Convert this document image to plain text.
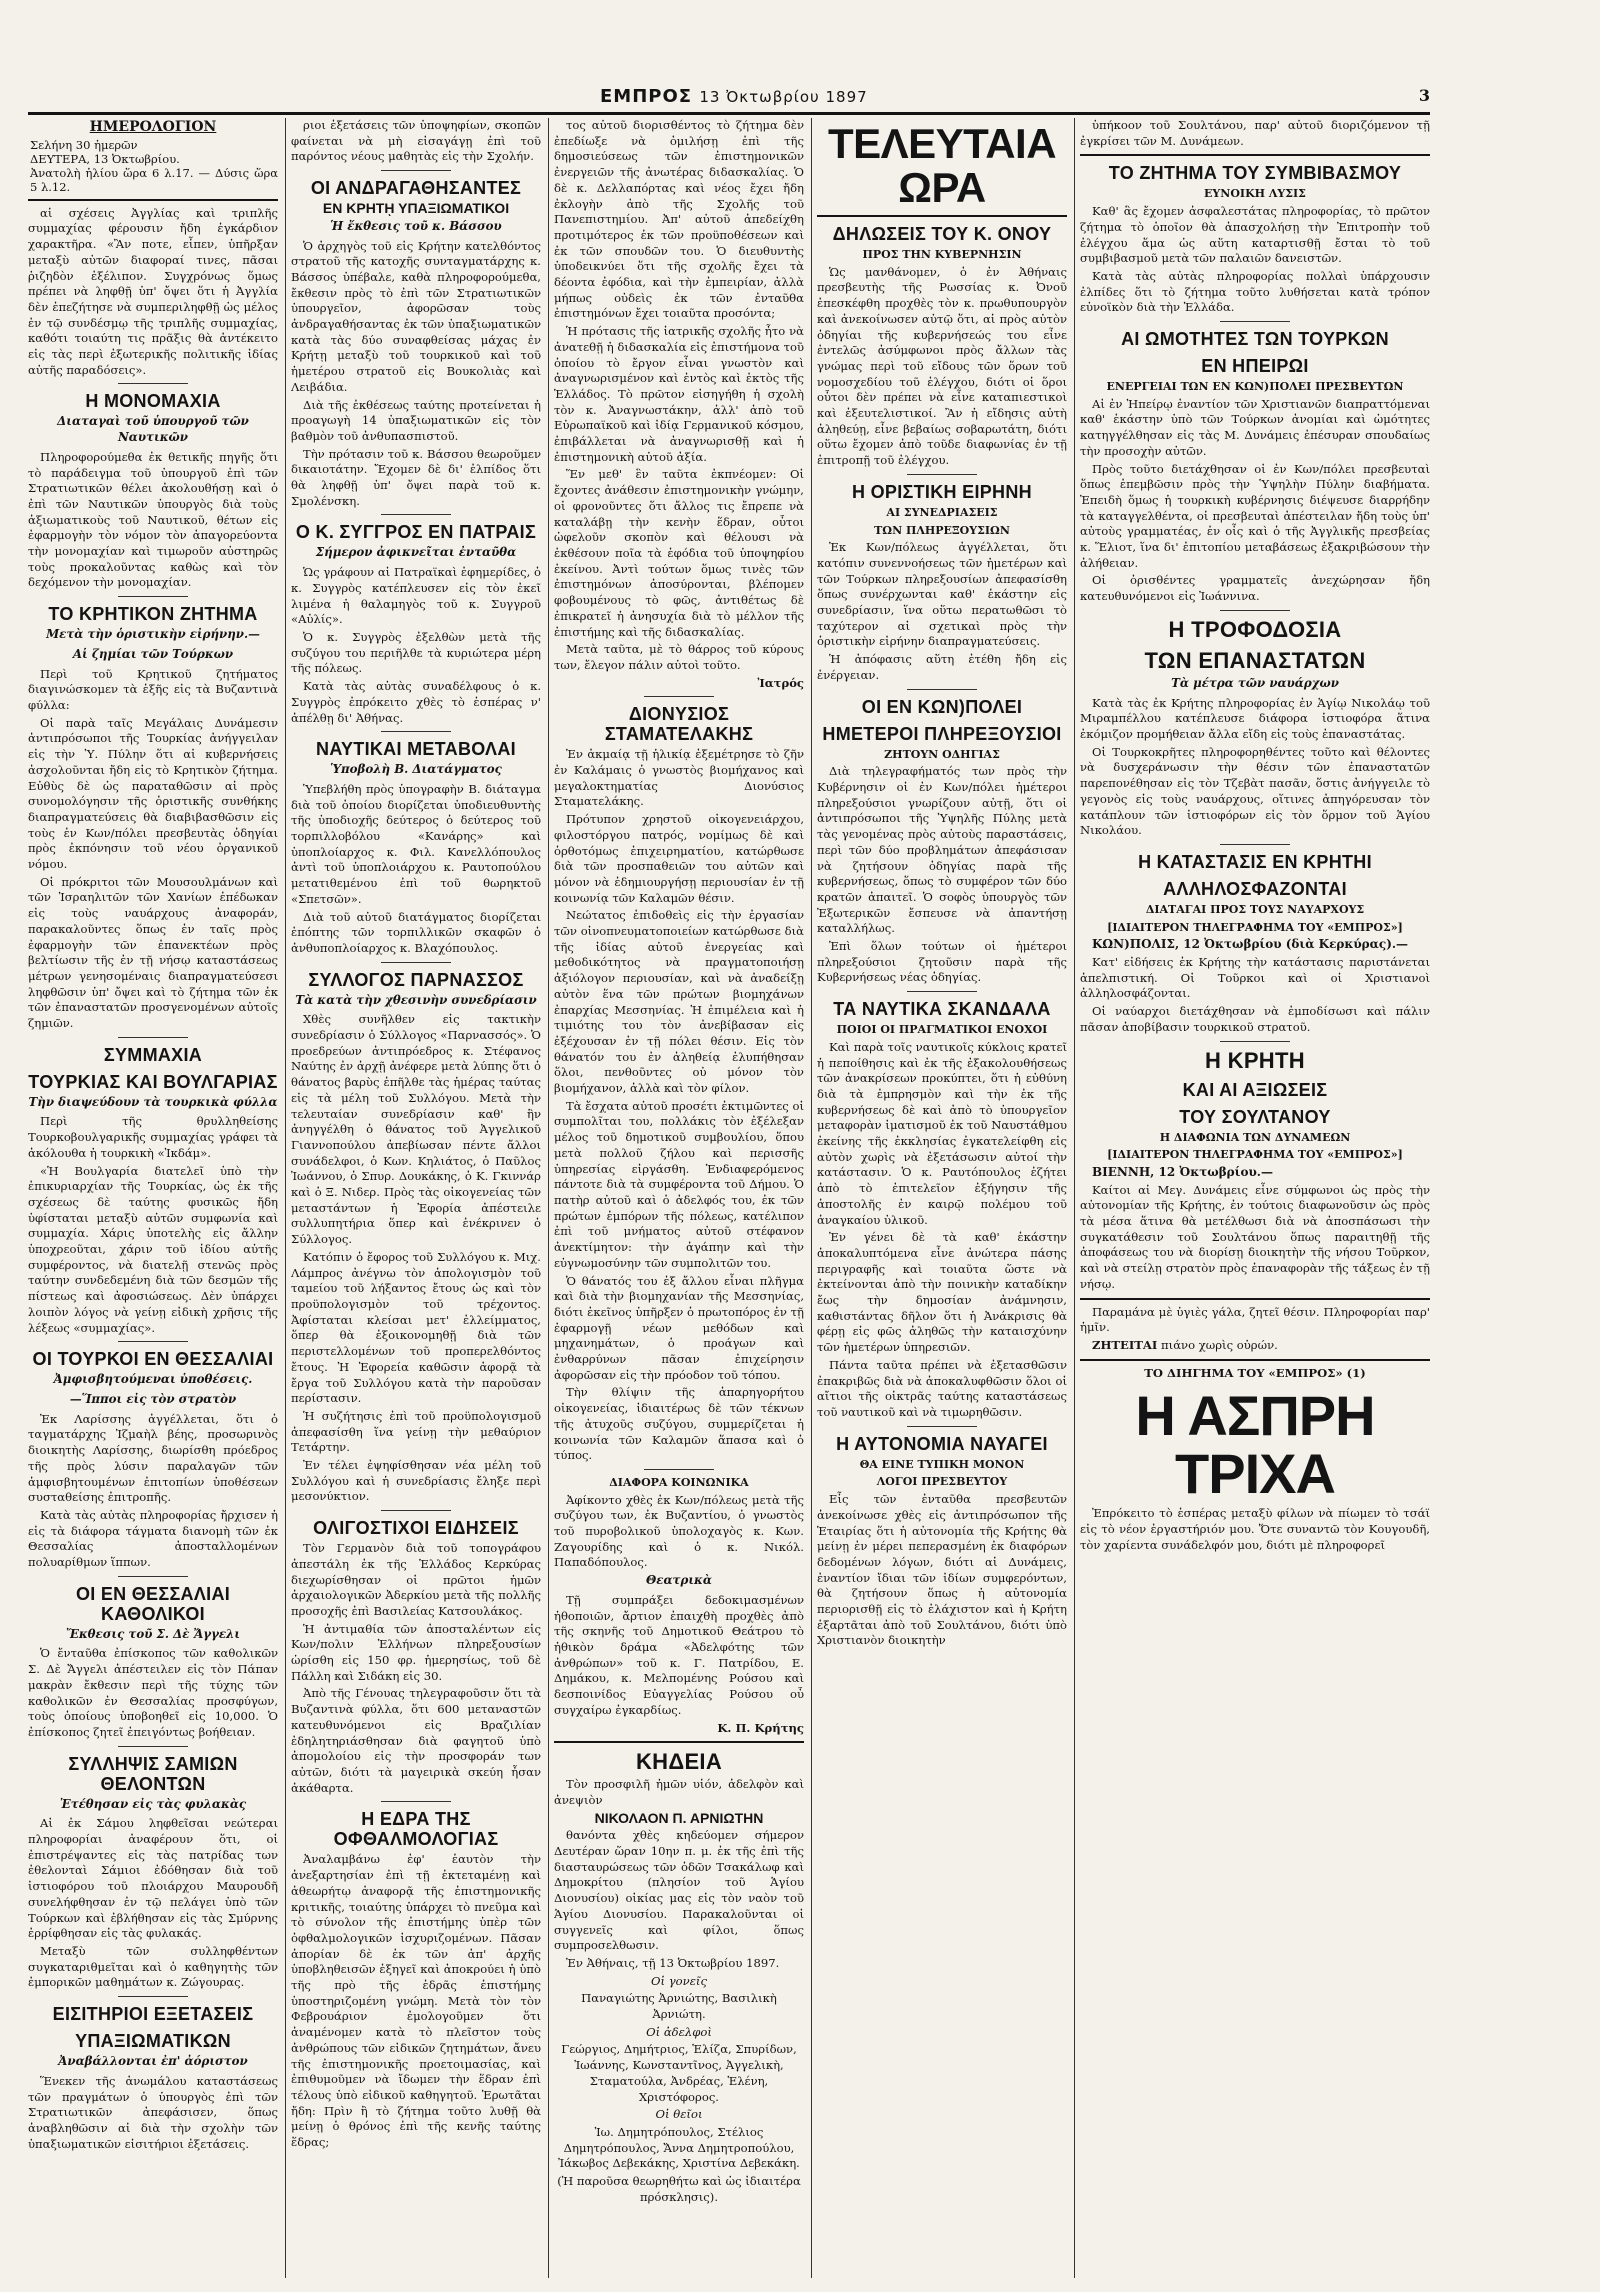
ΕΜΠΡΟΣ 13 Ὀκτωβρίου 1897	3
ΗΜΕΡΟΛΟΓΙΟΝ
Σελήνη 30 ἡμερῶν
ΔΕΥΤΕΡΑ, 13 Ὀκτωβρίου.
Ἀνατολὴ ἡλίου ὥρα 6 λ.17. — Δύσις ὥρα 5 λ.12.

αἱ σχέσεις Ἀγγλίας καὶ τριπλῆς συμμαχίας φέρουσιν ἤδη ἐγκάρδιον χαρακτῆρα. «Ἂν ποτε, εἶπεν, ὑπῆρξαν μεταξὺ αὐτῶν διαφοραί τινες, πᾶσαι ῥιζηδὸν ἐξέλιπον. Συγχρόνως ὅμως πρέπει νὰ ληφθῇ ὑπ' ὄψει ὅτι ἡ Ἀγγλία δὲν ἐπεζήτησε νὰ συμπεριληφθῇ ὡς μέλος ἐν τῷ συνδέσμῳ τῆς τριπλῆς συμμαχίας, καθότι τοιαύτη τις πρᾶξις θὰ ἀντέκειτο εἰς τὰς περὶ ἐξωτερικῆς πολιτικῆς ἰδίας αὐτῆς παραδόσεις».

Η ΜΟΝΟΜΑΧΙΑ
Διαταγαὶ τοῦ ὑπουργοῦ τῶν Ναυτικῶν

Πληροφορούμεθα ἐκ θετικῆς πηγῆς ὅτι τὸ παράδειγμα τοῦ ὑπουργοῦ ἐπὶ τῶν Στρατιωτικῶν θέλει ἀκολουθήσῃ καὶ ὁ ἐπὶ τῶν Ναυτικῶν ὑπουργὸς διὰ τοὺς ἀξιωματικοὺς τοῦ Ναυτικοῦ, θέτων εἰς ἐφαρμογὴν τὸν νόμον τὸν ἀπαγορεύοντα τὴν μονομαχίαν καὶ τιμωροῦν αὐστηρῶς τοὺς προκαλοῦντας καθὼς καὶ τὸν δεχόμενον τὴν μονομαχίαν.

ΤΟ ΚΡΗΤΙΚΟΝ ΖΗΤΗΜΑ
Μετὰ τὴν ὁριστικὴν εἰρήνην.—
Αἱ ζημίαι τῶν Τούρκων

Περὶ τοῦ Κρητικοῦ ζητήματος διαγινώσκομεν τὰ ἑξῆς εἰς τὰ Βυζαντινὰ φύλλα:

Οἱ παρὰ ταῖς Μεγάλαις Δυνάμεσιν ἀντιπρόσωποι τῆς Τουρκίας ἀνήγγειλαν εἰς τὴν Ὑ. Πύλην ὅτι αἱ κυβερνήσεις ἀσχολοῦνται ἤδη εἰς τὸ Κρητικὸν ζήτημα. Εὐθὺς δὲ ὡς παραταθῶσιν αἱ πρὸς συνομολόγησιν τῆς ὁριστικῆς συνθήκης διαπραγματεύσεις θὰ διαβιβασθῶσιν εἰς τοὺς ἐν Κων/πόλει πρεσβευτὰς ὁδηγίαι πρὸς ἐκπόνησιν τοῦ νέου ὀργανικοῦ νόμου.

Οἱ πρόκριτοι τῶν Μουσουλμάνων καὶ τῶν Ἰσραηλιτῶν τῶν Χανίων ἐπέδωκαν εἰς τοὺς ναυάρχους ἀναφοράν, παρακαλοῦντες ὅπως ἐν ταῖς πρὸς ἐφαρμογὴν τῶν ἐπανεκτέων πρὸς βελτίωσιν τῆς ἐν τῇ νήσῳ καταστάσεως μέτρων γενησομέναις διαπραγματεύσεσι ληφθῶσιν ὑπ' ὄψει καὶ τὸ ζήτημα τῶν ἐκ τῶν ἐπαναστατῶν προσγενομένων αὐτοῖς ζημιῶν.

ΣΥΜΜΑΧΙΑ
ΤΟΥΡΚΙΑΣ ΚΑΙ ΒΟΥΛΓΑΡΙΑΣ
Τὴν διαψεύδουν τὰ τουρκικὰ φύλλα

Περὶ τῆς θρυλληθείσης Τουρκοβουλγαρικῆς συμμαχίας γράφει τὰ ἀκόλουθα ἡ τουρκικὴ «Ἰκδάμ».

«Ἡ Βουλγαρία διατελεῖ ὑπὸ τὴν ἐπικυριαρχίαν τῆς Τουρκίας, ὡς ἐκ τῆς σχέσεως δὲ ταύτης φυσικῶς ἤδη ὑφίσταται μεταξὺ αὐτῶν συμφωνία καὶ συμμαχία. Χάρις ὑποτελὴς εἰς ἄλλην ὑποχρεοῦται, χάριν τοῦ ἰδίου αὐτῆς συμφέροντος, νὰ διατελῇ στενῶς πρὸς ταύτην συνδεδεμένη διὰ τῶν δεσμῶν τῆς πίστεως καὶ ἀφοσιώσεως. Δὲν ὑπάρχει λοιπὸν λόγος νὰ γείνῃ εἰδικὴ χρῆσις τῆς λέξεως «συμμαχίας».

ΟΙ ΤΟΥΡΚΟΙ ΕΝ ΘΕΣΣΑΛΙΑΙ
Ἀμφισβητούμεναι ὑποθέσεις.
—Ἵπποι εἰς τὸν στρατὸν

Ἐκ Λαρίσσης ἀγγέλλεται, ὅτι ὁ ταγματάρχης Ἰζμαὴλ βέης, προσωρινὸς διοικητὴς Λαρίσσης, διωρίσθη πρόεδρος τῆς πρὸς λύσιν παραλαγῶν τῶν ἀμφισβητουμένων ἐπιτοπίων ὑποθέσεων συσταθείσης ἐπιτροπῆς.

Κατὰ τὰς αὐτὰς πληροφορίας ἤρχισεν ἡ εἰς τὰ διάφορα τάγματα διανομὴ τῶν ἐκ Θεσσαλίας ἀποσταλλομένων πολυαρίθμων ἵππων.

ΟΙ ΕΝ ΘΕΣΣΑΛΙΑΙ ΚΑΘΟΛΙΚΟΙ
Ἔκθεσις τοῦ Σ. Δὲ Ἄγγελι

Ὁ ἔνταῦθα ἐπίσκοπος τῶν καθολικῶν Σ. Δὲ Ἄγγελι ἀπέστειλεν εἰς τὸν Πάπαν μακρὰν ἔκθεσιν περὶ τῆς τύχης τῶν καθολικῶν ἐν Θεσσαλίας προσφύγων, τοὺς ὁποίους ὑποβοηθεῖ εἰς 10,000. Ὁ ἐπίσκοπος ζητεῖ ἐπειγόντως βοήθειαν.

ΣΥΛΛΗΨΙΣ ΣΑΜΙΩΝ ΘΕΛΟΝΤΩΝ
Ἐτέθησαν εἰς τὰς φυλακὰς

Αἱ ἐκ Σάμου ληφθεῖσαι νεώτεραι πληροφορίαι ἀναφέρουν ὅτι, οἱ ἐπιστρέψαντες εἰς τὰς πατρίδας των ἐθελονταὶ Σάμιοι ἐδόθησαν διὰ τοῦ ἰστιοφόρου τοῦ πλοιάρχου Μαυρουδῆ συνελήφθησαν ἐν τῷ πελάγει ὑπὸ τῶν Τούρκων καὶ ἐβλήθησαν εἰς τὰς Σμύρνης ἐρρίφθησαν εἰς τὰς φυλακάς.

Μεταξὺ τῶν συλληφθέντων συγκαταριθμεῖται καὶ ὁ καθηγητὴς τῶν ἐμπορικῶν μαθημάτων κ. Ζώγουρας.

ΕΙΣΙΤΗΡΙΟΙ ΕΞΕΤΑΣΕΙΣ
ΥΠΑΞΙΩΜΑΤΙΚΩΝ
Ἀναβάλλονται ἐπ' ἀόριστον

Ἕνεκεν τῆς ἀνωμάλου καταστάσεως τῶν πραγμάτων ὁ ὑπουργὸς ἐπὶ τῶν Στρατιωτικῶν ἀπεφάσισεν, ὅπως ἀναβληθῶσιν αἱ διὰ τὴν σχολὴν τῶν ὑπαξιωματικῶν εἰσιτήριοι ἐξετάσεις.

ριοι ἐξετάσεις τῶν ὑποψηφίων, σκοπῶν φαίνεται νὰ μὴ εἰσαγάγῃ ἐπὶ τοῦ παρόντος νέους μαθητὰς εἰς τὴν Σχολήν.

ΟΙ ΑΝΔΡΑΓΑΘΗΣΑΝΤΕΣ
ΕΝ ΚΡΗΤῌ ΥΠΑΞΙΩΜΑΤΙΚΟΙ
Ἡ ἔκθεσις τοῦ κ. Βάσσου

Ὁ ἀρχηγὸς τοῦ εἰς Κρήτην κατελθόντος στρατοῦ τῆς κατοχῆς συνταγματάρχης κ. Βάσσος ὑπέβαλε, καθὰ πληροφορούμεθα, ἔκθεσιν πρὸς τὸ ἐπὶ τῶν Στρατιωτικῶν ὑπουργεῖον, ἀφορῶσαν τοὺς ἀνδραγαθήσαντας ἐκ τῶν ὑπαξιωματικῶν κατὰ τὰς δύο συναφθείσας μάχας ἐν Κρήτῃ μεταξὺ τοῦ τουρκικοῦ καὶ τοῦ ἡμετέρου στρατοῦ εἰς Βουκολιὰς καὶ Λειβάδια.

Διὰ τῆς ἐκθέσεως ταύτης προτείνεται ἡ προαγωγὴ 14 ὑπαξιωματικῶν εἰς τὸν βαθμὸν τοῦ ἀνθυπασπιστοῦ.

Τὴν πρότασιν τοῦ κ. Βάσσου θεωροῦμεν δικαιοτάτην. Ἔχομεν δὲ δι' ἐλπίδος ὅτι θὰ ληφθῇ ὑπ' ὄψει παρὰ τοῦ κ. Σμολένσκη.

Ο Κ. ΣΥΓΓΡΟΣ ΕΝ ΠΑΤΡΑΙΣ
Σήμερον ἀφικνεῖται ἐνταῦθα

Ὡς γράφουν αἱ Πατραϊκαὶ ἐφημερίδες, ὁ κ. Συγγρὸς κατέπλευσεν εἰς τὸν ἐκεῖ λιμένα ἡ θαλαμηγὸς τοῦ κ. Συγγροῦ «Αὐλίς».

Ὁ κ. Συγγρὸς ἐξελθὼν μετὰ τῆς συζύγου του περιῆλθε τὰ κυριώτερα μέρη τῆς πόλεως.

Κατὰ τὰς αὐτὰς συναδέλφους ὁ κ. Συγγρὸς ἐπρόκειτο χθὲς τὸ ἑσπέρας ν' ἀπέλθῃ δι' Ἀθήνας.

ΝΑΥΤΙΚΑΙ ΜΕΤΑΒΟΛΑΙ
Ὑποβολὴ Β. Διατάγματος

Ὑπεβλήθη πρὸς ὑπογραφὴν Β. διάταγμα διὰ τοῦ ὁποίου διορίζεται ὑποδιευθυντὴς τῆς ὑποδιοχῆς δεύτερος ὁ δεύτερος τοῦ τορπιλλοβόλου «Κανάρης» καὶ ὑποπλοίαρχος κ. Φιλ. Κανελλόπουλος ἀντὶ τοῦ ὑποπλοιάρχου κ. Ραυτοπούλου μετατιθεμένου ἐπὶ τοῦ θωρηκτοῦ «Σπετσῶν».

Διὰ τοῦ αὐτοῦ διατάγματος διορίζεται ἐπόπτης τῶν τορπιλλικῶν σκαφῶν ὁ ἀνθυποπλοίαρχος κ. Βλαχόπουλος.

ΣΥΛΛΟΓΟΣ ΠΑΡΝΑΣΣΟΣ
Τὰ κατὰ τὴν χθεσινὴν συνεδρίασιν

Χθὲς συνῆλθεν εἰς τακτικὴν συνεδρίασιν ὁ Σύλλογος «Παρνασσός». Ὁ προεδρεύων ἀντιπρόεδρος κ. Στέφανος Ναύτης ἐν ἀρχῇ ἀνέφερε μετὰ λύπης ὅτι ὁ θάνατος βαρὺς ἐπῆλθε τὰς ἡμέρας ταύτας εἰς τὰ μέλη τοῦ Συλλόγου. Μετὰ τὴν τελευταίαν συνεδρίασιν καθ' ἣν ἀνηγγέλθη ὁ θάνατος τοῦ Ἀγγελικοῦ Γιαννοπούλου ἀπεβίωσαν πέντε ἄλλοι συνάδελφοι, ὁ Κων. Κηλιάτος, ὁ Παῦλος Ἰωάννου, ὁ Σπυρ. Δουκάκης, ὁ Κ. Γκιννάρ καὶ ὁ Ξ. Νιδερ. Πρὸς τὰς οἰκογενείας τῶν μεταστάντων ἡ Ἐφορία ἀπέστειλε συλλυπητήρια ὅπερ καὶ ἐνέκρινεν ὁ Σύλλογος.

Κατόπιν ὁ ἔφορος τοῦ Συλλόγου κ. Μιχ. Λάμπρος ἀνέγνω τὸν ἀπολογισμὸν τοῦ ταμείου τοῦ λήξαντος ἔτους ὡς καὶ τὸν προϋπολογισμὸν τοῦ τρέχοντος. Ἀφίσταται κλείσαι μετ' ἐλλείμματος, ὅπερ θὰ ἐξοικονομηθῇ διὰ τῶν περιστελλομένων τοῦ προπερελθόντος ἔτους. Ἡ Ἐφορεία καθῶσιν ἀφορᾷ τὰ ἔργα τοῦ Συλλόγου κατὰ τὴν παροῦσαν περίστασιν.

Ἡ συζήτησις ἐπὶ τοῦ προϋπολογισμοῦ ἀπεφασίσθη ἵνα γείνῃ τὴν μεθαύριον Τετάρτην.

Ἐν τέλει ἐψηφίσθησαν νέα μέλη τοῦ Συλλόγου καὶ ἡ συνεδρίασις ἔληξε περὶ μεσονύκτιον.

ΟΛΙΓΟΣΤΙΧΟΙ ΕΙΔΗΣΕΙΣ

Τὸν Γερμανὸν διὰ τοῦ τοπογράφου ἀπεστάλη ἐκ τῆς Ἑλλάδος Κερκύρας διεχωρίσθησαν οἱ πρῶτοι ἡμῶν ἀρχαιολογικῶν Ἀδερκίου μετὰ τῆς πολλῆς προσοχῆς ἐπὶ Βασιλείας Κατσουλάκος.

Ἡ ἀντιμαθία τῶν ἀποσταλέντων εἰς Κων/πολιν Ἑλλήνων πληρεξουσίων ὡρίσθη εἰς 150 φρ. ἡμερησίως, τοῦ δὲ Πάλλη καὶ Σιδάκη εἰς 30.

Ἀπὸ τῆς Γένουας τηλεγραφοῦσιν ὅτι τὰ Βυζαντινὰ φύλλα, ὅτι 600 μεταναστῶν κατευθυνόμενοι εἰς Βραζιλίαν ἐδηλητηριάσθησαν διὰ φαγητοῦ ὑπὸ ἀπομολοίου εἰς τὴν προσφοράν των αὐτῶν, διότι τὰ μαγειρικὰ σκεύη ἦσαν ἀκάθαρτα.

Η ΕΔΡΑ ΤΗΣ ΟΦΘΑΛΜΟΛΟΓΙΑΣ

Ἀναλαμβάνω ἐφ' ἑαυτὸν τὴν ἀνεξαρτησίαν ἐπὶ τῇ ἐκτεταμένῃ καὶ ἀθεωρήτῳ ἀναφορᾷ τῆς ἐπιστημονικῆς κριτικῆς, τοιαύτης ὑπάρχει τὸ πνεῦμα καὶ τὸ σύνολον τῆς ἐπιστήμης ὑπὲρ τῶν ὀφθαλμολογικῶν ἰσχυριζομένων. Πᾶσαν ἀπορίαν δὲ ἐκ τῶν ἀπ' ἀρχῆς ὑποβληθεισῶν ἐξηγεῖ καὶ ἀποκρούει ἡ ὑπὸ τῆς πρὸ τῆς ἑδρᾶς ἐπιστήμης ὑποστηριζομένη γνώμη. Μετὰ τὸν τὸν Φεβρουάριον ἐμολογοῦμεν ὅτι ἀναμένομεν κατὰ τὸ πλεῖστον τοὺς ἀνθρώπους τῶν εἰδικῶν ζητημάτων, ἄνευ τῆς ἐπιστημονικῆς προετοιμασίας, καὶ ἐπιθυμοῦμεν νὰ ἴδωμεν τὴν ἕδραν ἐπὶ τέλους ὑπὸ εἰδικοῦ καθηγητοῦ. Ἐρωτᾶται ἤδη: Πρὶν ἢ τὸ ζήτημα τοῦτο λυθῇ θὰ μείνῃ ὁ θρόνος ἐπὶ τῆς κενῆς ταύτης ἕδρας;

τος αὐτοῦ διορισθέντος τὸ ζήτημα δὲν ἐπεδίωξε νὰ ὁμιλήσῃ ἐπὶ τῆς δημοσιεύσεως τῶν ἐπιστημονικῶν ἐνεργειῶν τῆς ἀνωτέρας διδασκαλίας. Ὁ δὲ κ. Δελλαπόρτας καὶ νέος ἔχει ἤδη ἐκλογὴν ἀπὸ τῆς Σχολῆς τοῦ Πανεπιστημίου. Ἀπ' αὐτοῦ ἀπεδείχθη προτιμότερος ἐκ τῶν προϋποθέσεων καὶ ἐκ τῶν σπουδῶν του. Ὁ διευθυντὴς ὑποδεικνύει ὅτι τῆς σχολῆς ἔχει τὰ δέοντα ἐφόδια, καὶ τὴν ἐμπειρίαν, ἀλλὰ μήπως οὐδεὶς ἐκ τῶν ἐνταῦθα ἐπιστημόνων ἔχει τοιαῦτα προσόντα;

Ἡ πρότασις τῆς ἰατρικῆς σχολῆς ἦτο νὰ ἀνατεθῇ ἡ διδασκαλία εἰς ἐπιστήμονα τοῦ ὁποίου τὸ ἔργον εἶναι γνωστὸν καὶ ἀναγνωρισμένον καὶ ἐντὸς καὶ ἐκτὸς τῆς Ἑλλάδος. Τὸ πρῶτον εἰσηγήθη ἡ σχολὴ τὸν κ. Ἀναγνωστάκην, ἀλλ' ἀπὸ τοῦ Εὐρωπαϊκοῦ καὶ ἰδίᾳ Γερμανικοῦ κόσμου, ἐπιβάλλεται νὰ ἀναγνωρισθῇ καὶ ἡ ἐπιστημονικὴ αὐτοῦ ἀξία.

Ἕν μεθ' ἓν ταῦτα ἐκπνέομεν: Οἱ ἔχοντες ἀνάθεσιν ἐπιστημονικὴν γνώμην, οἱ φρονοῦντες ὅτι ἄλλος τις ἔπρεπε νὰ καταλάβῃ τὴν κενὴν ἕδραν, οὗτοι ὠφελοῦν σκοπὸν καὶ θέλουσι νὰ ἐκθέσουν ποῖα τὰ ἐφόδια τοῦ ὑποψηφίου ἐκείνου. Ἀντὶ τούτων ὅμως τινὲς τῶν ἐπιστημόνων ἀποσύρονται, βλέπομεν φοβουμένους τὸ φῶς, ἀντιθέτως δὲ ἐπικρατεῖ ἡ ἀνησυχία διὰ τὸ μέλλον τῆς ἐπιστήμης καὶ τῆς διδασκαλίας.

Μετὰ ταῦτα, μὲ τὸ θάρρος τοῦ κύρους των, ἔλεγον πάλιν αὐτοὶ τοῦτο.

Ἰατρός

ΔΙΟΝΥΣΙΟΣ ΣΤΑΜΑΤΕΛΑΚΗΣ

Ἐν ἀκμαίᾳ τῇ ἡλικίᾳ ἐξεμέτρησε τὸ ζῆν ἐν Καλάμαις ὁ γνωστὸς βιομήχανος καὶ μεγαλοκτηματίας Διονύσιος Σταματελάκης.

Πρότυπον χρηστοῦ οἰκογενειάρχου, φιλοστόργου πατρός, νομίμως δὲ καὶ ὀρθοτόμως ἐπιχειρηματίου, κατώρθωσε διὰ τῶν προσπαθειῶν του αὐτῶν καὶ μόνον νὰ ἐδημιουργήσῃ περιουσίαν ἐν τῇ κοινωνίᾳ τῶν Καλαμῶν θέσιν.

Νεώτατος ἐπιδοθεὶς εἰς τὴν ἐργασίαν τῶν οἰνοπνευματοποιείων κατώρθωσε διὰ τῆς ἰδίας αὐτοῦ ἐνεργείας καὶ μεθοδικότητος νὰ πραγματοποιήσῃ ἀξιόλογον περιουσίαν, καὶ νὰ ἀναδείξῃ αὐτὸν ἕνα τῶν πρώτων βιομηχάνων ἐπαρχίας Μεσσηνίας. Ἡ ἐπιμέλεια καὶ ἡ τιμιότης του τὸν ἀνεβίβασαν εἰς ἐξέχουσαν ἐν τῇ πόλει θέσιν. Εἰς τὸν θάνατόν του ἐν ἀληθείᾳ ἐλυπήθησαν ὅλοι, πενθοῦντες οὐ μόνον τὸν βιομήχανον, ἀλλὰ καὶ τὸν φίλον.

Τὰ ἔσχατα αὐτοῦ προσέτι ἐκτιμῶντες οἱ συμπολῖται του, πολλάκις τὸν ἐξέλεξαν μέλος τοῦ δημοτικοῦ συμβουλίου, ὅπου μετὰ πολλοῦ ζήλου καὶ περισσῆς ὑπηρεσίας εἰργάσθη. Ἐνδιαφερόμενος πάντοτε διὰ τὰ συμφέροντα τοῦ Δήμου. Ὁ πατὴρ αὐτοῦ καὶ ὁ ἀδελφός του, ἐκ τῶν πρώτων ἐμπόρων τῆς πόλεως, κατέλιπον ἐπὶ τοῦ μνήματος αὐτοῦ στέφανον ἀνεκτίμητον: τὴν ἀγάπην καὶ τὴν εὐγνωμοσύνην τῶν συμπολιτῶν του.

Ὁ θάνατός του ἐξ ἄλλου εἶναι πλῆγμα καὶ διὰ τὴν βιομηχανίαν τῆς Μεσσηνίας, διότι ἐκεῖνος ὑπῆρξεν ὁ πρωτοπόρος ἐν τῇ ἐφαρμογῇ νέων μεθόδων καὶ μηχανημάτων, ὁ προάγων καὶ ἐνθαρρύνων πᾶσαν ἐπιχείρησιν ἀφορῶσαν εἰς τὴν πρόοδον τοῦ τόπου.

Τὴν θλίψιν τῆς ἀπαρηγορήτου οἰκογενείας, ἰδιαιτέρως δὲ τῶν τέκνων τῆς ἀτυχοῦς συζύγου, συμμερίζεται ἡ κοινωνία τῶν Καλαμῶν ἅπασα καὶ ὁ τύπος.

ΔΙΑΦΟΡΑ ΚΟΙΝΩΝΙΚΑ

Ἀφίκοντο χθὲς ἐκ Κων/πόλεως μετὰ τῆς συζύγου των, ἐκ Βυζαντίου, ὁ γνωστὸς τοῦ πυροβολικοῦ ὑπολοχαγὸς κ. Κων. Ζαγουρίδης καὶ ὁ κ. Νικόλ. Παπαδόπουλος.

Θεατρικὰ

Τῇ συμπράξει δεδοκιμασμένων ἠθοποιῶν, ἄρτιον ἐπαιχθὴ προχθὲς ἀπὸ τῆς σκηνῆς τοῦ Δημοτικοῦ Θεάτρου τὸ ἠθικὸν δράμα «Ἀδελφότης τῶν ἀνθρώπων» τοῦ κ. Γ. Πατρίδου, Ε. Δημάκου, κ. Μελπομένης Ρούσου καὶ δεσποινίδος Εὐαγγελίας Ρούσου οὗ συγχαίρω ἐγκαρδίως.

Κ. Π. Κρήτης

ΚΗΔΕΙΑ

Τὸν προσφιλῆ ἡμῶν υἱόν, ἀδελφὸν καὶ ἀνεψιὸν

ΝΙΚΟΛΑΟΝ Π. ΑΡΝΙΩΤΗΝ

θανόντα χθὲς κηδεύομεν σήμερον Δευτέραν ὥραν 10ην π. μ. ἐκ τῆς ἐπὶ τῆς διασταυρώσεως τῶν ὁδῶν Τσακάλωφ καὶ Δημοκρίτου (πλησίον τοῦ Ἁγίου Διονυσίου) οἰκίας μας εἰς τὸν ναὸν τοῦ Ἁγίου Διονυσίου. Παρακαλοῦνται οἱ συγγενεῖς καὶ φίλοι, ὅπως συμπροσελθωσιν.

Ἐν Ἀθήναις, τῇ 13 Ὀκτωβρίου 1897.

Οἱ γονεῖς

Παναγιώτης Ἀρνιώτης, Βασιλικὴ Ἀρνιώτη.

Οἱ ἀδελφοὶ

Γεώργιος, Δημήτριος, Ἑλίζα, Σπυρίδων, Ἰωάννης, Κωνσταντῖνος, Ἀγγελικὴ, Σταματούλα, Ἀνδρέας, Ἑλένη, Χριστόφορος.

Οἱ θεῖοι

Ἰω. Δημητρόπουλος, Στέλιος Δημητρόπουλος, Ἄννα Δημητροπούλου, Ἰάκωβος Δεβεκάκης, Χριστίνα Δεβεκάκη.

(Ἡ παροῦσα θεωρηθήτω καὶ ὡς ἰδιαιτέρα πρόσκλησις).

ΤΕΛΕΥΤΑΙΑ ΩΡΑ
ΔΗΛΩΣΕΙΣ ΤΟΥ Κ. ΟΝΟΥ
ΠΡΟΣ ΤΗΝ ΚΥΒΕΡΝΗΣΙΝ

Ὡς μανθάνομεν, ὁ ἐν Ἀθήναις πρεσβευτὴς τῆς Ρωσσίας κ. Ὀνοῦ ἐπεσκέφθη προχθὲς τὸν κ. πρωθυπουργὸν καὶ ἀνεκοίνωσεν αὐτῷ ὅτι, αἱ πρὸς αὐτὸν ὁδηγίαι τῆς κυβερνήσεώς του εἶνε ἐντελῶς ἀσύμφωνοι πρὸς ἄλλων τὰς γνώμας περὶ τοῦ εἴδους τῶν ὅρων τοῦ νομοσχεδίου τοῦ ἐλέγχου, διότι οἱ ὅροι οὗτοι δὲν πρέπει νὰ εἶνε καταπιεστικοὶ καὶ ἐξευτελιστικοί. Ἂν ἡ εἴδησις αὐτὴ ἀληθεύῃ, εἶνε βεβαίως σοβαρωτάτη, διότι οὕτω ἔχομεν ἀπὸ τοῦδε διαφωνίας ἐν τῇ ἐπιτροπῇ τοῦ ἐλέγχου.

Η ΟΡΙΣΤΙΚΗ ΕΙΡΗΝΗ
ΑΙ ΣΥΝΕΔΡΙΑΣΕΙΣ
ΤΩΝ ΠΛΗΡΕΞΟΥΣΙΩΝ

Ἐκ Κων/πόλεως ἀγγέλλεται, ὅτι κατόπιν συνεννοήσεως τῶν ἡμετέρων καὶ τῶν Τούρκων πληρεξουσίων ἀπεφασίσθη ὅπως συνέρχωνται καθ' ἑκάστην εἰς συνεδρίασιν, ἵνα οὕτω περατωθῶσι τὸ ταχύτερον αἱ σχετικαὶ πρὸς τὴν ὁριστικὴν εἰρήνην διαπραγματεύσεις.

Ἡ ἀπόφασις αὕτη ἐτέθη ἤδη εἰς ἐνέργειαν.

ΟΙ ΕΝ ΚΩΝ)ΠΟΛΕΙ
ΗΜΕΤΕΡΟΙ ΠΛΗΡΕΞΟΥΣΙΟΙ
ΖΗΤΟΥΝ ΟΔΗΓΙΑΣ

Διὰ τηλεγραφήματός των πρὸς τὴν Κυβέρνησιν οἱ ἐν Κων/πόλει ἡμέτεροι πληρεξούσιοι γνωρίζουν αὐτῇ, ὅτι οἱ ἀντιπρόσωποι τῆς Ὑψηλῆς Πύλης μετὰ τὰς γενομένας πρὸς αὐτοὺς παραστάσεις, περὶ τῶν δύο προβλημάτων ἀπεφάσισαν νὰ ζητήσουν ὁδηγίας παρὰ τῆς κυβερνήσεως, ὅπως τὸ συμφέρον τῶν δύο κρατῶν ἀπαιτεῖ. Ὁ σοφὸς ὑπουργὸς τῶν Ἐξωτερικῶν ἔσπευσε νὰ ἀπαντήσῃ καταλλήλως.

Ἐπὶ ὅλων τούτων οἱ ἡμέτεροι πληρεξούσιοι ζητοῦσιν παρὰ τῆς Κυβερνήσεως νέας ὁδηγίας.

ΤΑ ΝΑΥΤΙΚΑ ΣΚΑΝΔΑΛΑ
ΠΟΙΟΙ ΟΙ ΠΡΑΓΜΑΤΙΚΟΙ ΕΝΟΧΟΙ

Καὶ παρὰ τοῖς ναυτικοῖς κύκλοις κρατεῖ ἡ πεποίθησις καὶ ἐκ τῆς ἐξακολουθήσεως τῶν ἀνακρίσεων προκύπτει, ὅτι ἡ εὐθύνη διὰ τὰ ἐμπρησμὸν καὶ τὴν ἐκ τῆς κυβερνήσεως δὲ καὶ ἀπὸ τὸ ὑπουργεῖον μεταφορὰν ἰματισμοῦ ἐκ τοῦ Ναυστάθμου ἐκείνης τῆς ἐκκλησίας ἐγκατελείφθη εἰς αὐτὸν χωρὶς νὰ ἐξετάσωσιν αὐτοί τὴν κατάστασιν. Ὁ κ. Ραυτόπουλος ἐζήτει ἀπὸ τὸ ἐπιτελεῖον ἐξήγησιν τῆς ἀποστολῆς ἐν καιρῷ πολέμου τοῦ ἀναγκαίου ὑλικοῦ.

Ἐν γένει δὲ τὰ καθ' ἑκάστην ἀποκαλυπτόμενα εἶνε ἀνώτερα πάσης περιγραφῆς καὶ τοιαῦτα ὥστε νὰ ἐκτείνονται ἀπὸ τὴν ποινικὴν καταδίκην ἔως τὴν δημοσίαν ἀνάμνησιν, καθιστάντας δῆλον ὅτι ἡ Ἀνάκρισις θὰ φέρῃ εἰς φῶς ἀληθῶς τὴν καταισχύνην τῶν ἡμετέρων ὑπηρεσιῶν.

Πάντα ταῦτα πρέπει νὰ ἐξετασθῶσιν ἐπακριβῶς διὰ νὰ ἀποκαλυφθῶσιν ὅλοι οἱ αἴτιοι τῆς οἰκτρᾶς ταύτης καταστάσεως τοῦ ναυτικοῦ καὶ νὰ τιμωρηθῶσιν.

Η ΑΥΤΟΝΟΜΙΑ ΝΑΥΑΓΕΙ
ΘΑ ΕΙΝΕ ΤΥΠΙΚΗ ΜΟΝΟΝ
ΛΟΓΟΙ ΠΡΕΣΒΕΥΤΟΥ

Εἷς τῶν ἐνταῦθα πρεσβευτῶν ἀνεκοίνωσε χθὲς εἰς ἀντιπρόσωπον τῆς Ἑταιρίας ὅτι ἡ αὐτονομία τῆς Κρήτης θὰ μείνῃ ἐν μέρει πεπερασμένη ἐκ διαφόρων δεδομένων λόγων, διότι αἱ Δυνάμεις, ἐναντίον ἴδιαι τῶν ἰδίων συμφερόντων, θὰ ζητήσουν ὅπως ἡ αὐτονομία περιορισθῇ εἰς τὸ ἐλάχιστον καὶ ἡ Κρήτη ἐξαρτᾶται ἀπὸ τοῦ Σουλτάνου, διότι ὑπὸ Χριστιανὸν διοικητὴν

ὑπήκοον τοῦ Σουλτάνου, παρ' αὐτοῦ διοριζόμενον τῇ ἐγκρίσει τῶν Μ. Δυνάμεων.

ΤΟ ΖΗΤΗΜΑ ΤΟΥ ΣΥΜΒΙΒΑΣΜΟΥ
ΕΥΝΟΙΚΗ ΛΥΣΙΣ

Καθ' ἃς ἔχομεν ἀσφαλεστάτας πληροφορίας, τὸ πρῶτον ζήτημα τὸ ὁποῖον θὰ ἀπασχολήσῃ τὴν Ἐπιτροπὴν τοῦ ἐλέγχου ἅμα ὡς αὕτη καταρτισθῇ ἔσται τὸ τοῦ συμβιβασμοῦ μετὰ τῶν παλαιῶν δανειστῶν.

Κατὰ τὰς αὐτὰς πληροφορίας πολλαὶ ὑπάρχουσιν ἐλπίδες ὅτι τὸ ζήτημα τοῦτο λυθήσεται κατὰ τρόπον εὐνοϊκὸν διὰ τὴν Ἑλλάδα.

ΑΙ ΩΜΟΤΗΤΕΣ ΤΩΝ ΤΟΥΡΚΩΝ
ΕΝ ΗΠΕΙΡΩΙ
ΕΝΕΡΓΕΙΑΙ ΤΩΝ ΕΝ ΚΩΝ)ΠΟΛΕΙ ΠΡΕΣΒΕΥΤΩΝ

Αἱ ἐν Ἠπείρῳ ἐναντίον τῶν Χριστιανῶν διαπραττόμεναι καθ' ἑκάστην ὑπὸ τῶν Τούρκων ἀνομίαι καὶ ὠμότητες κατηγγέλθησαν εἰς τὰς Μ. Δυνάμεις ἐπέσυραν σπουδαίως τὴν προσοχὴν αὐτῶν.

Πρὸς τοῦτο διετάχθησαν οἱ ἐν Κων/πόλει πρεσβευταὶ ὅπως ἐπεμβῶσιν πρὸς τὴν Ὑψηλὴν Πύλην διαβήματα. Ἐπειδὴ ὅμως ἡ τουρκικὴ κυβέρνησις διέψευσε διαρρήδην τὰ καταγγελθέντα, οἱ πρεσβευταὶ ἀπέστειλαν ἤδη τοὺς ὑπ' αὐτοὺς γραμματέας, ἐν οἷς καὶ ὁ τῆς Ἀγγλικῆς πρεσβείας κ. Ἕλιοτ, ἵνα δι' ἐπιτοπίου μεταβάσεως ἐξακριβώσουν τὴν ἀλήθειαν.

Οἱ ὁρισθέντες γραμματεῖς ἀνεχώρησαν ἤδη κατευθυνόμενοι εἰς Ἰωάννινα.

Η ΤΡΟΦΟΔΟΣΙΑ
ΤΩΝ ΕΠΑΝΑΣΤΑΤΩΝ
Τὰ μέτρα τῶν ναυάρχων

Κατὰ τὰς ἐκ Κρήτης πληροφορίας ἐν Ἁγίῳ Νικολάῳ τοῦ Μιραμπέλλου κατέπλευσε διάφορα ἱστιοφόρα ἅτινα ἐκόμιζον προμήθειαν ἄλλα εἴδη εἰς τοὺς ἐπαναστάτας.

Οἱ Τουρκοκρῆτες πληροφορηθέντες τοῦτο καὶ θέλοντες νὰ δυσχεράνωσιν τὴν θέσιν τῶν ἐπαναστατῶν παρεπονέθησαν εἰς τὸν Τζεβὰτ πασᾶν, ὅστις ἀνήγγειλε τὸ γεγονὸς εἰς τοὺς ναυάρχους, οἵτινες ἀπηγόρευσαν τὸν κατάπλουν τῶν ἱστιοφόρων εἰς τὸν ὅρμον τοῦ Ἁγίου Νικολάου.

Η ΚΑΤΑΣΤΑΣΙΣ ΕΝ ΚΡΗΤΗΙ
ΑΛΛΗΛΟΣΦΑΖΟΝΤΑΙ
ΔΙΑΤΑΓΑΙ ΠΡΟΣ ΤΟΥΣ ΝΑΥΑΡΧΟΥΣ
[ΙΔΙΑΙΤΕΡΟΝ ΤΗΛΕΓΡΑΦΗΜΑ ΤΟΥ «ΕΜΠΡΟΣ»]

ΚΩΝ)ΠΟΛΙΣ, 12 Ὀκτωβρίου (διὰ Κερκύρας).—

Κατ' εἰδήσεις ἐκ Κρήτης τὴν κατάστασις παριστάνεται ἀπελπιστική. Οἱ Τοῦρκοι καὶ οἱ Χριστιανοὶ ἀλληλοσφάζονται.

Οἱ ναύαρχοι διετάχθησαν νὰ ἐμποδίσωσι καὶ πάλιν πᾶσαν ἀποβίβασιν τουρκικοῦ στρατοῦ.

Η ΚΡΗΤΗ
ΚΑΙ ΑΙ ΑΞΙΩΣΕΙΣ
ΤΟΥ ΣΟΥΛΤΑΝΟΥ
Η ΔΙΑΦΩΝΙΑ ΤΩΝ ΔΥΝΑΜΕΩΝ
[ΙΔΙΑΙΤΕΡΟΝ ΤΗΛΕΓΡΑΦΗΜΑ ΤΟΥ «ΕΜΠΡΟΣ»]

ΒΙΕΝΝΗ, 12 Ὀκτωβρίου.—

Καίτοι αἱ Μεγ. Δυνάμεις εἶνε σύμφωνοι ὡς πρὸς τὴν αὐτονομίαν τῆς Κρήτης, ἐν τούτοις διαφωνοῦσιν ὡς πρὸς τὰ μέσα ἅτινα θὰ μετέλθωσι διὰ νὰ ἀποσπάσωσι τὴν συγκατάθεσιν τοῦ Σουλτάνου ὅπως παραιτηθῇ τῆς ἀποφάσεως του νὰ διορίσῃ διοικητὴν τῆς νήσου Τοῦρκον, καὶ νὰ στείλῃ στρατὸν πρὸς ἐπαναφορὰν τῆς τάξεως ἐν τῇ νήσῳ.

Παραμάνα μὲ ὑγιὲς γάλα, ζητεῖ θέσιν. Πληροφορίαι παρ' ἡμῖν.

ΖΗΤΕΙΤΑΙ πιάνο χωρὶς οὐρών.

ΤΟ ΔΙΗΓΗΜΑ ΤΟΥ «ΕΜΠΡΟΣ» (1)

Η ΑΣΠΡΗ ΤΡΙΧΑ

Ἐπρόκειτο τὸ ἑσπέρας μεταξὺ φίλων νὰ πίωμεν τὸ τσάϊ εἰς τὸ νέον ἐργαστήριόν μου. Ὅτε συναντῶ τὸν Κουγουδῆ, τὸν χαρίεντα συνάδελφόν μου, διότι μὲ πληροφορεῖ
